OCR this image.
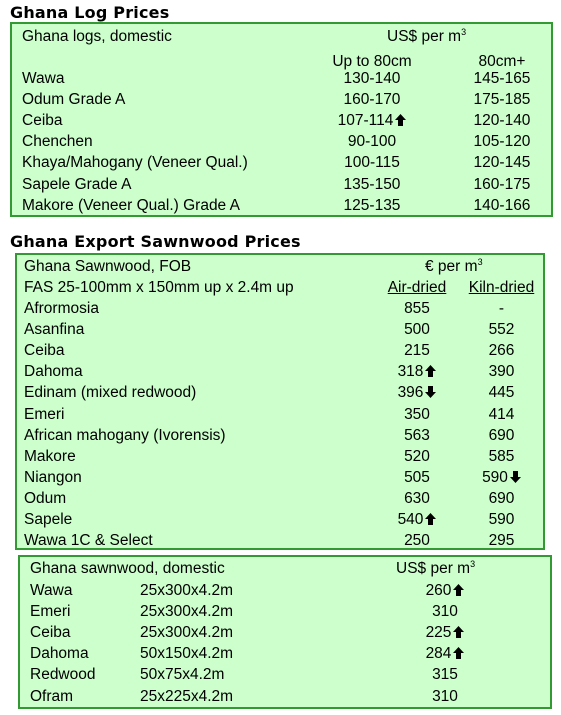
Ghana Log Prices
Ghana logs, domestic	US$ per $m^3$
Up to 80cm	80cm+
Wawa	130-140	145-165
Odum Grade A	160-170	175-185
Ceiba	107-114	120-140
Chenchen	90-100	105-120
Khaya/Mahogany (Veneer Qual.)	100-115	120-145
Sapele Grade A	135-150	160-175
Makore (Veneer Qual.) Grade A	125-135	140-166
Ghana Export Sawnwood Prices
Ghana Sawnwood, FOB	€ per $m^3$
FAS 25-100mm x 150mm up x 2.4m up	Air-dried	Kiln-dried
Afrormosia	855	-
Asanfina	500	552
Ceiba	215	266
Dahoma	318	390
Edinam (mixed redwood)	396	445
Emeri	350	414
African mahogany (Ivorensis)	563	690
Makore	520	585
Niangon	505	590
Odum	630	690
Sapele	540	590
Wawa 1C & Select	250	295
Ghana sawnwood, domestic	US$ per $m^3$
Wawa	25x300x4.2m	260
Emeri	25x300x4.2m	310
Ceiba	25x300x4.2m	225
Dahoma	50x150x4.2m	284
Redwood	50x75x4.2m	315
Ofram	25x225x4.2m	310
